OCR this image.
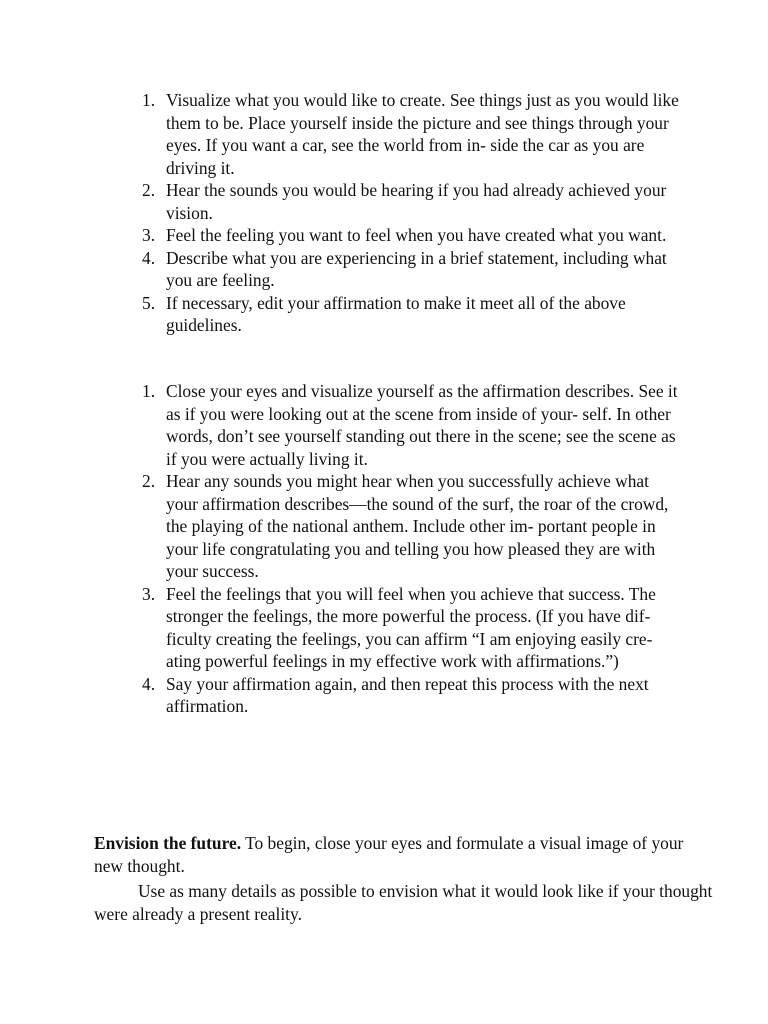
1. Visualize what you would like to create. See things just as you would like them to be. Place yourself inside the picture and see things through your eyes. If you want a car, see the world from in- side the car as you are driving it.
2. Hear the sounds you would be hearing if you had already achieved your vision.
3. Feel the feeling you want to feel when you have created what you want.
4. Describe what you are experiencing in a brief statement, including what you are feeling.
5. If necessary, edit your affirmation to make it meet all of the above guidelines.
1. Close your eyes and visualize yourself as the affirmation describes. See it as if you were looking out at the scene from inside of your- self. In other words, don’t see yourself standing out there in the scene; see the scene as if you were actually living it.
2. Hear any sounds you might hear when you successfully achieve what your affirmation describes—the sound of the surf, the roar of the crowd, the playing of the national anthem. Include other im- portant people in your life congratulating you and telling you how pleased they are with your success.
3. Feel the feelings that you will feel when you achieve that success. The stronger the feelings, the more powerful the process. (If you have dif- ficulty creating the feelings, you can affirm “I am enjoying easily cre- ating powerful feelings in my effective work with affirmations.”)
4. Say your affirmation again, and then repeat this process with the next affirmation.

Envision the future. To begin, close your eyes and formulate a visual image of your new thought.

Use as many details as possible to envision what it would look like if your thought were already a present reality.
